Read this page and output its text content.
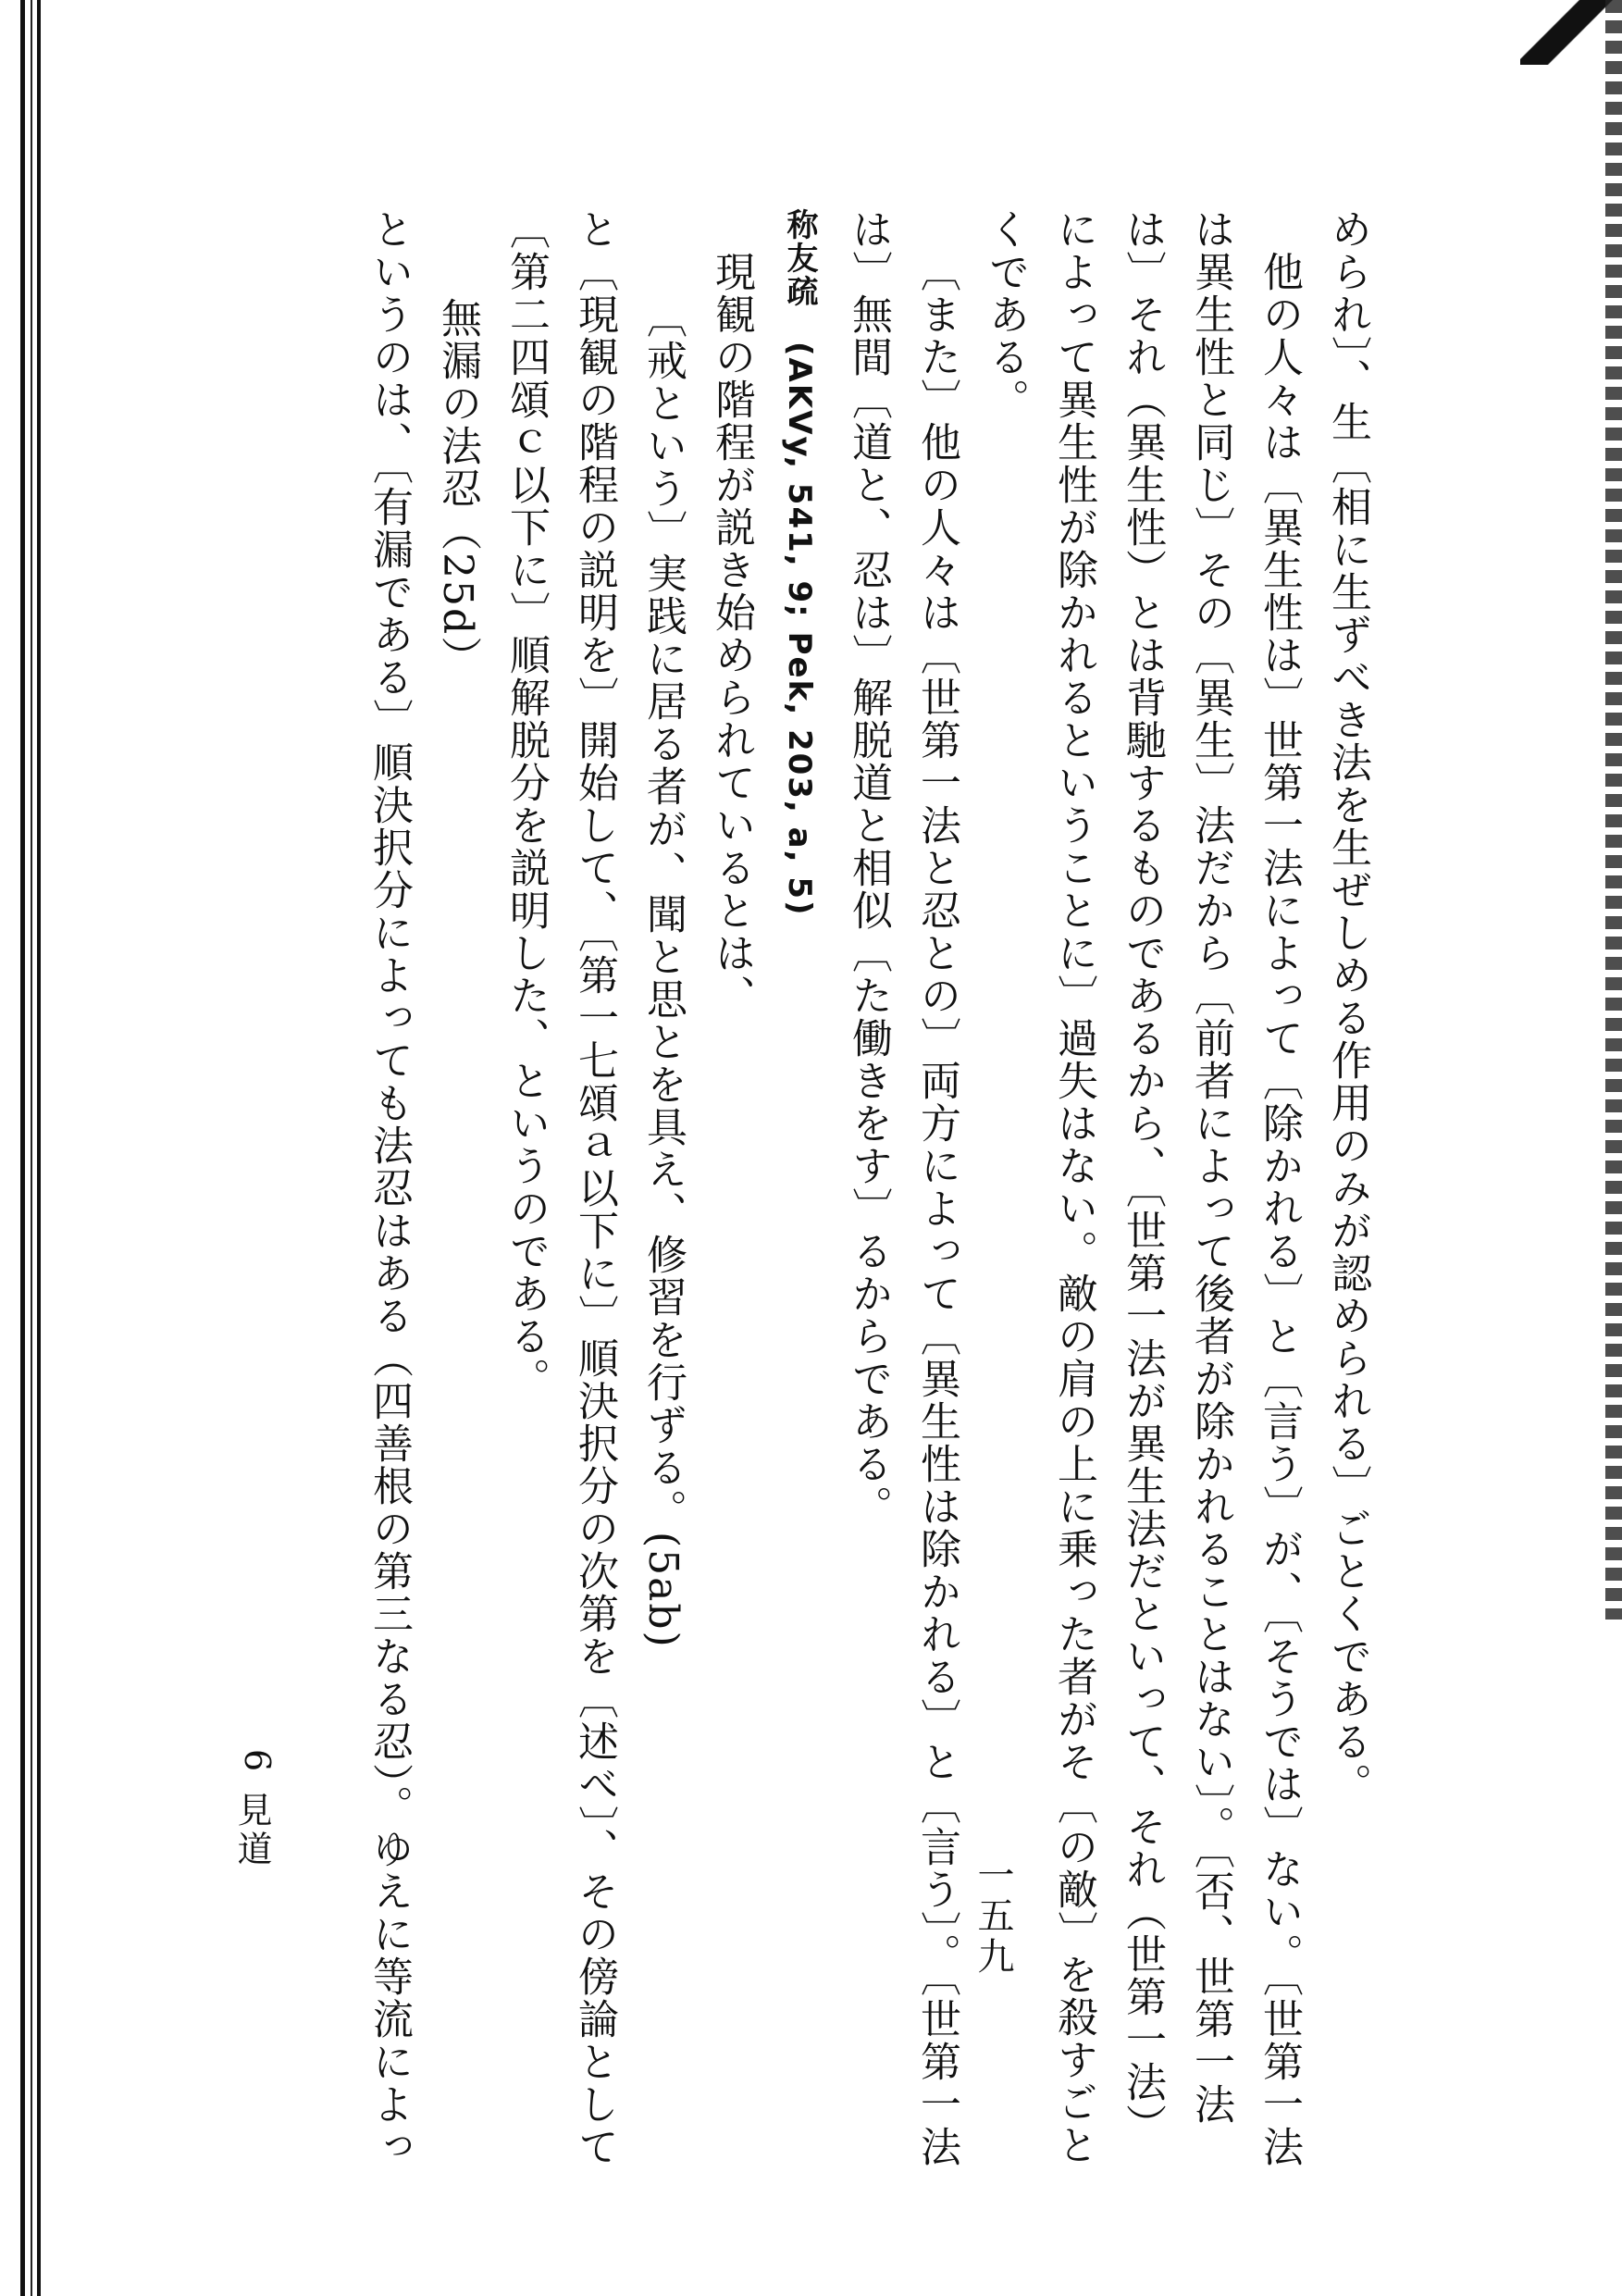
められ〕、生〔相に生ずべき法を生ぜしめる作用のみが認められる〕ごとくである。
他の人々は〔異生性は〕世第一法によって〔除かれる〕と〔言う〕が、〔そうでは〕ない。〔世第一法
は異生性と同じ〕その〔異生〕法だから〔前者によって後者が除かれることはない〕。〔否、世第一法
は〕それ（異生性）とは背馳するものであるから、〔世第一法が異生法だといって、それ（世第一法）
によって異生性が除かれるということに〕過失はない。敵の肩の上に乗った者がそ〔の敵〕を殺すごと
くである。
〔また〕他の人々は〔世第一法と忍との〕両方によって〔異生性は除かれる〕と〔言う〕。〔世第一法
は〕無間〔道と、忍は〕解脱道と相似〔た働きをす〕るからである。
称友疏　(AKVy, 541, 9; Pek, 203, a, 5)
現観の階程が説き始められているとは、
〔戒という〕実践に居る者が、聞と思とを具え、修習を行ずる。(5ab)
と〔現観の階程の説明を〕開始して、〔第一七頌ａ以下に〕順決択分の次第を〔述べ〕、その傍論として
〔第二四頌ｃ以下に〕順解脱分を説明した、というのである。
無漏の法忍（25d）
というのは、〔有漏である〕順決択分によっても法忍はある（四善根の第三なる忍）。ゆえに等流によっ	一五九
6
見道
